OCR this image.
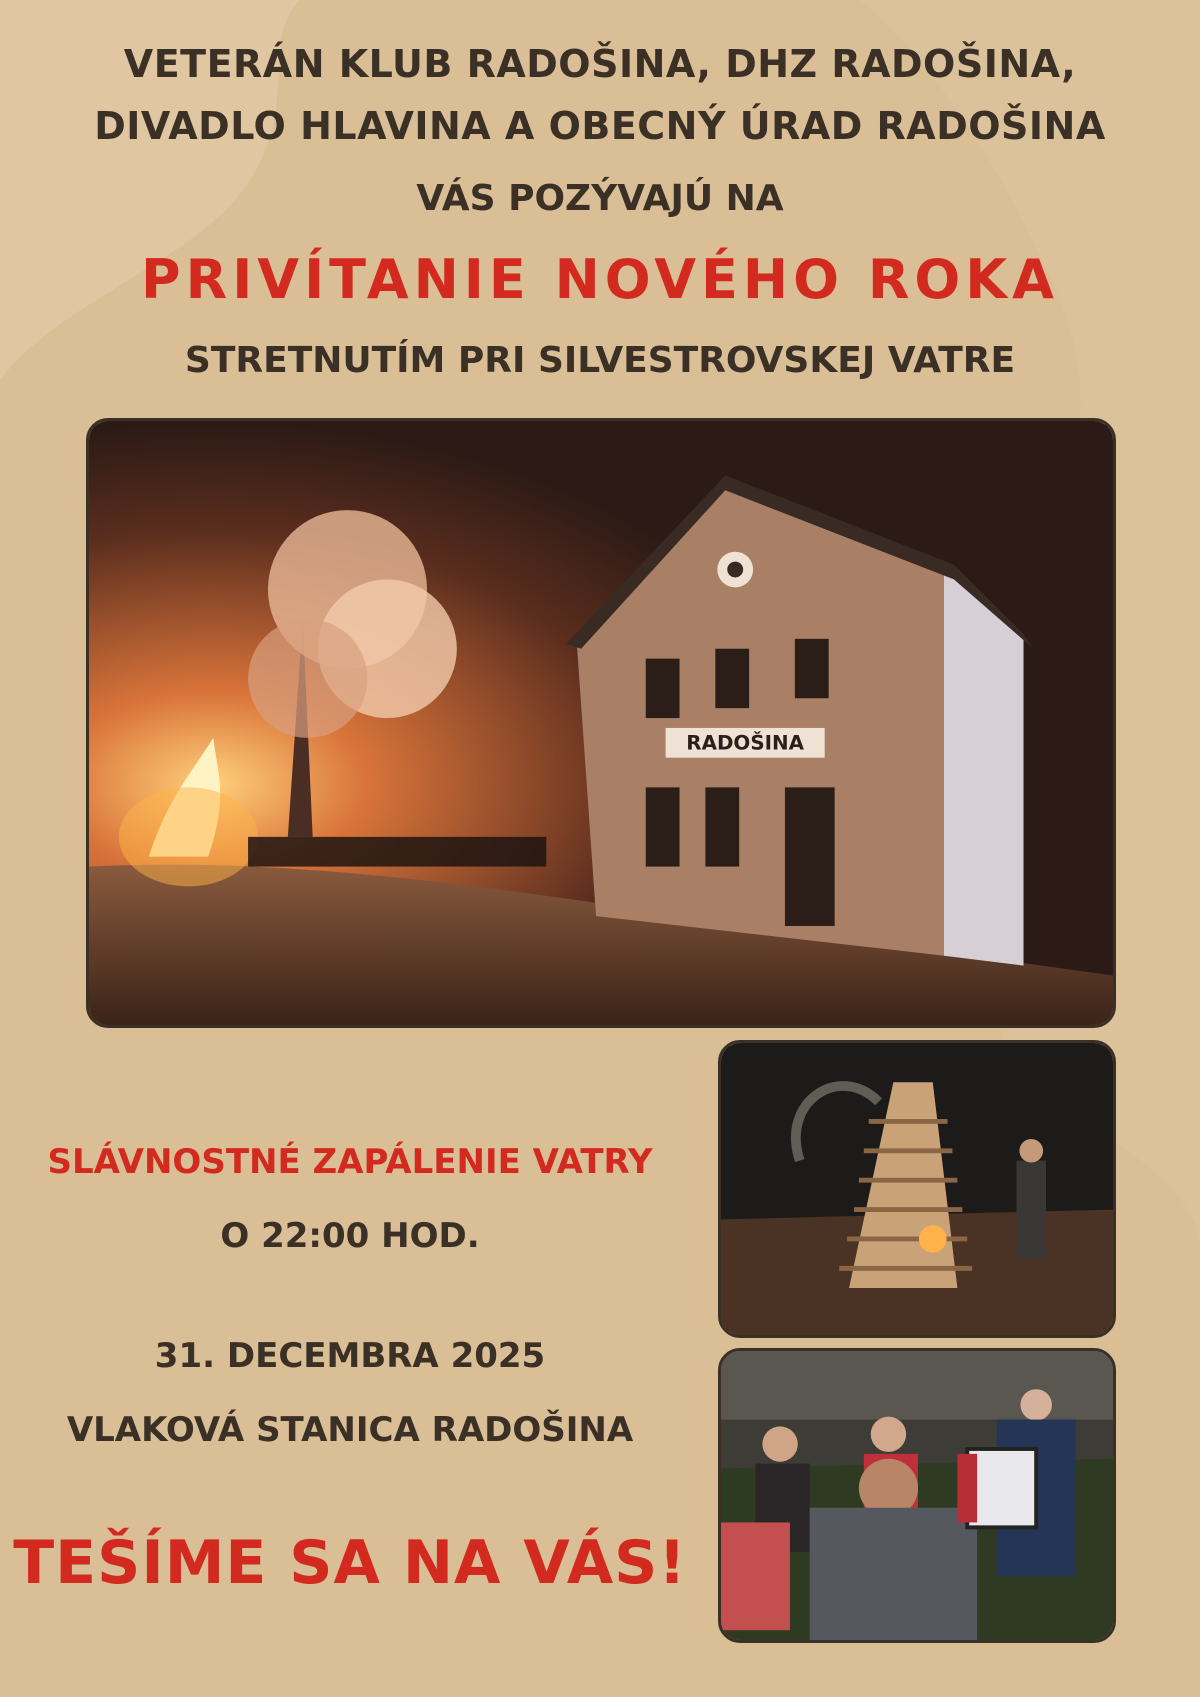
VETERÁN KLUB RADOŠINA, DHZ RADOŠINA,
DIVADLO HLAVINA A OBECNÝ ÚRAD RADOŠINA
VÁS POZÝVAJÚ NA
PRIVÍTANIE NOVÉHO ROKA
STRETNUTÍM PRI SILVESTROVSKEJ VATRE
RADOŠINA
SLÁVNOSTNÉ ZAPÁLENIE VATRY
O 22:00 HOD.
31. DECEMBRA 2025
VLAKOVÁ STANICA RADOŠINA
TEŠÍME SA NA VÁS!
